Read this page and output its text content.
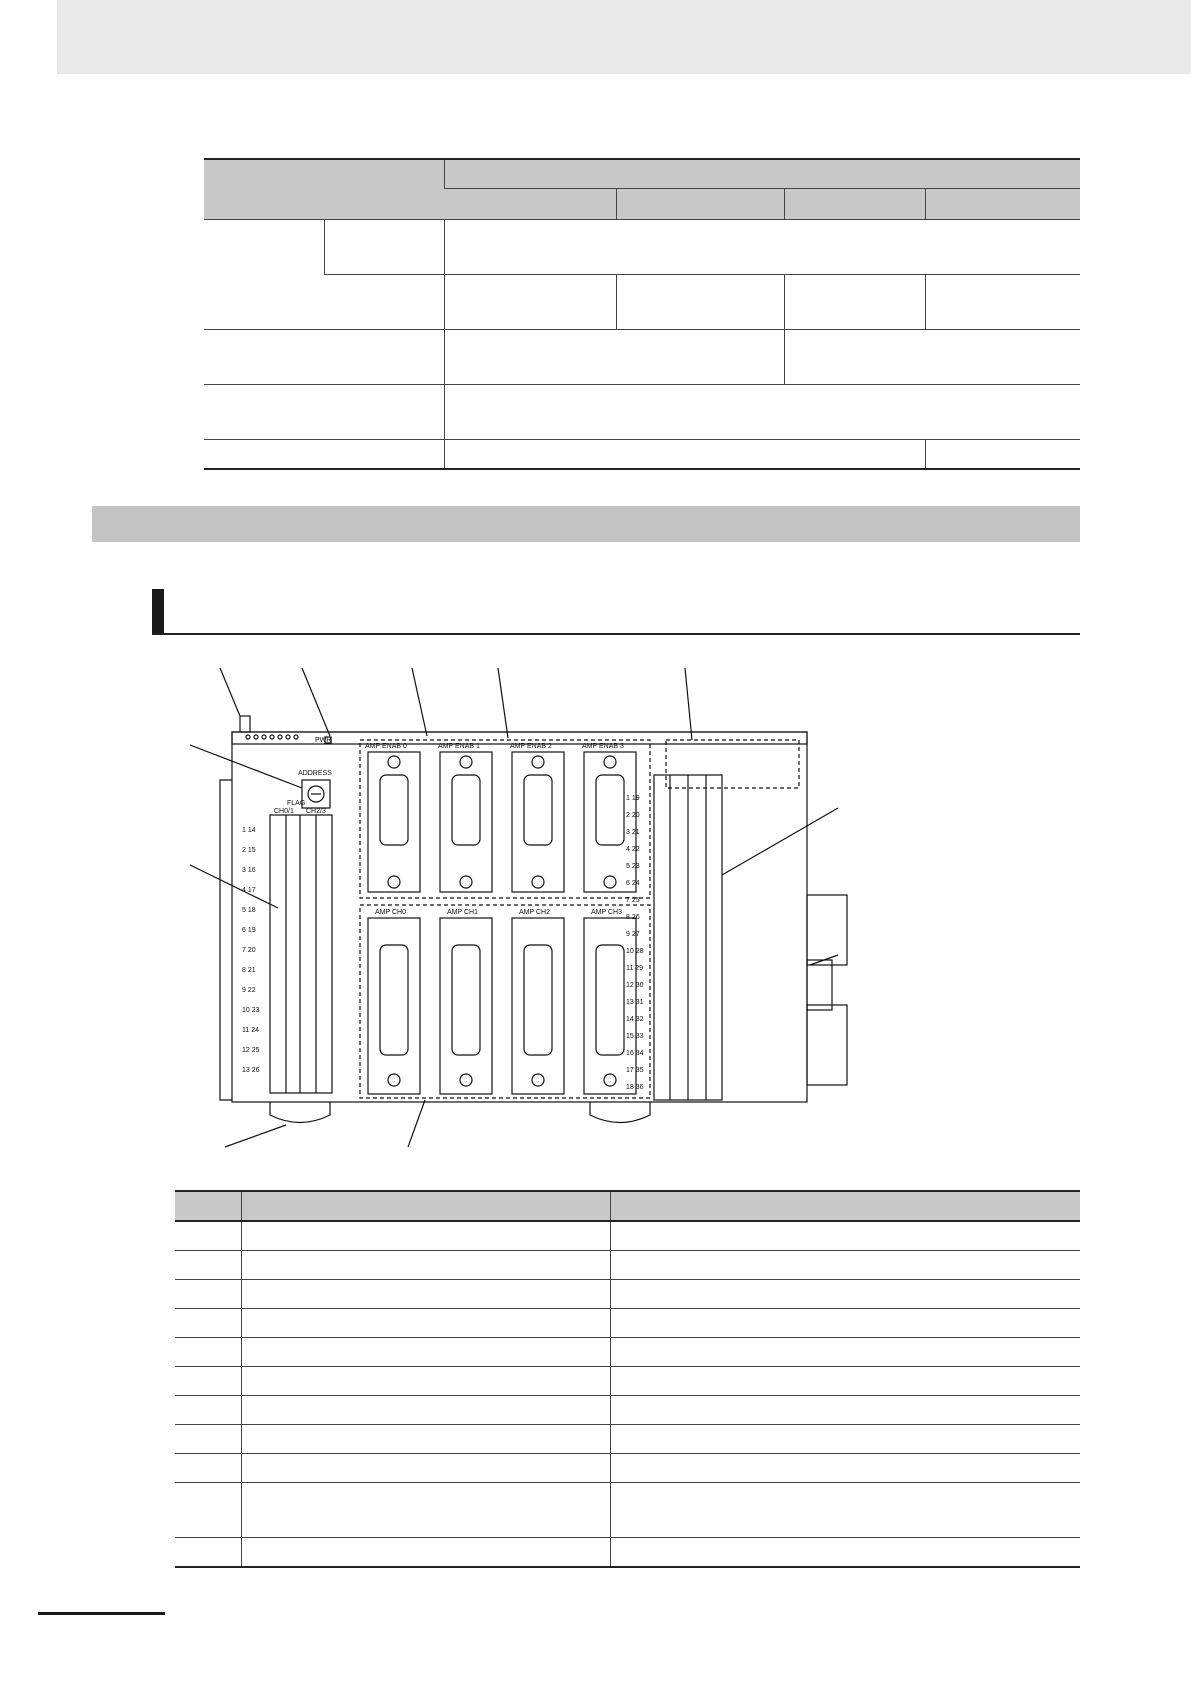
PWR
ADDRESS
FLAG
CH0/1 CH2/3
AMP ENAB 0	AMP ENAB 1	AMP ENAB 2	AMP ENAB 3
AMP CH0	AMP CH1	AMP CH2	AMP CH3
1 14
2 15
3 16
4 17
5 18
6 19
7 20
8 21
9 22
10 23
11 24
12 25
13 26
1 19
2 20
3 21
4 22
5 23
6 24
7 25
8 26
9 27
10 28
11 29
12 30
13 31
14 32
15 33
16 34
17 35
18 36
